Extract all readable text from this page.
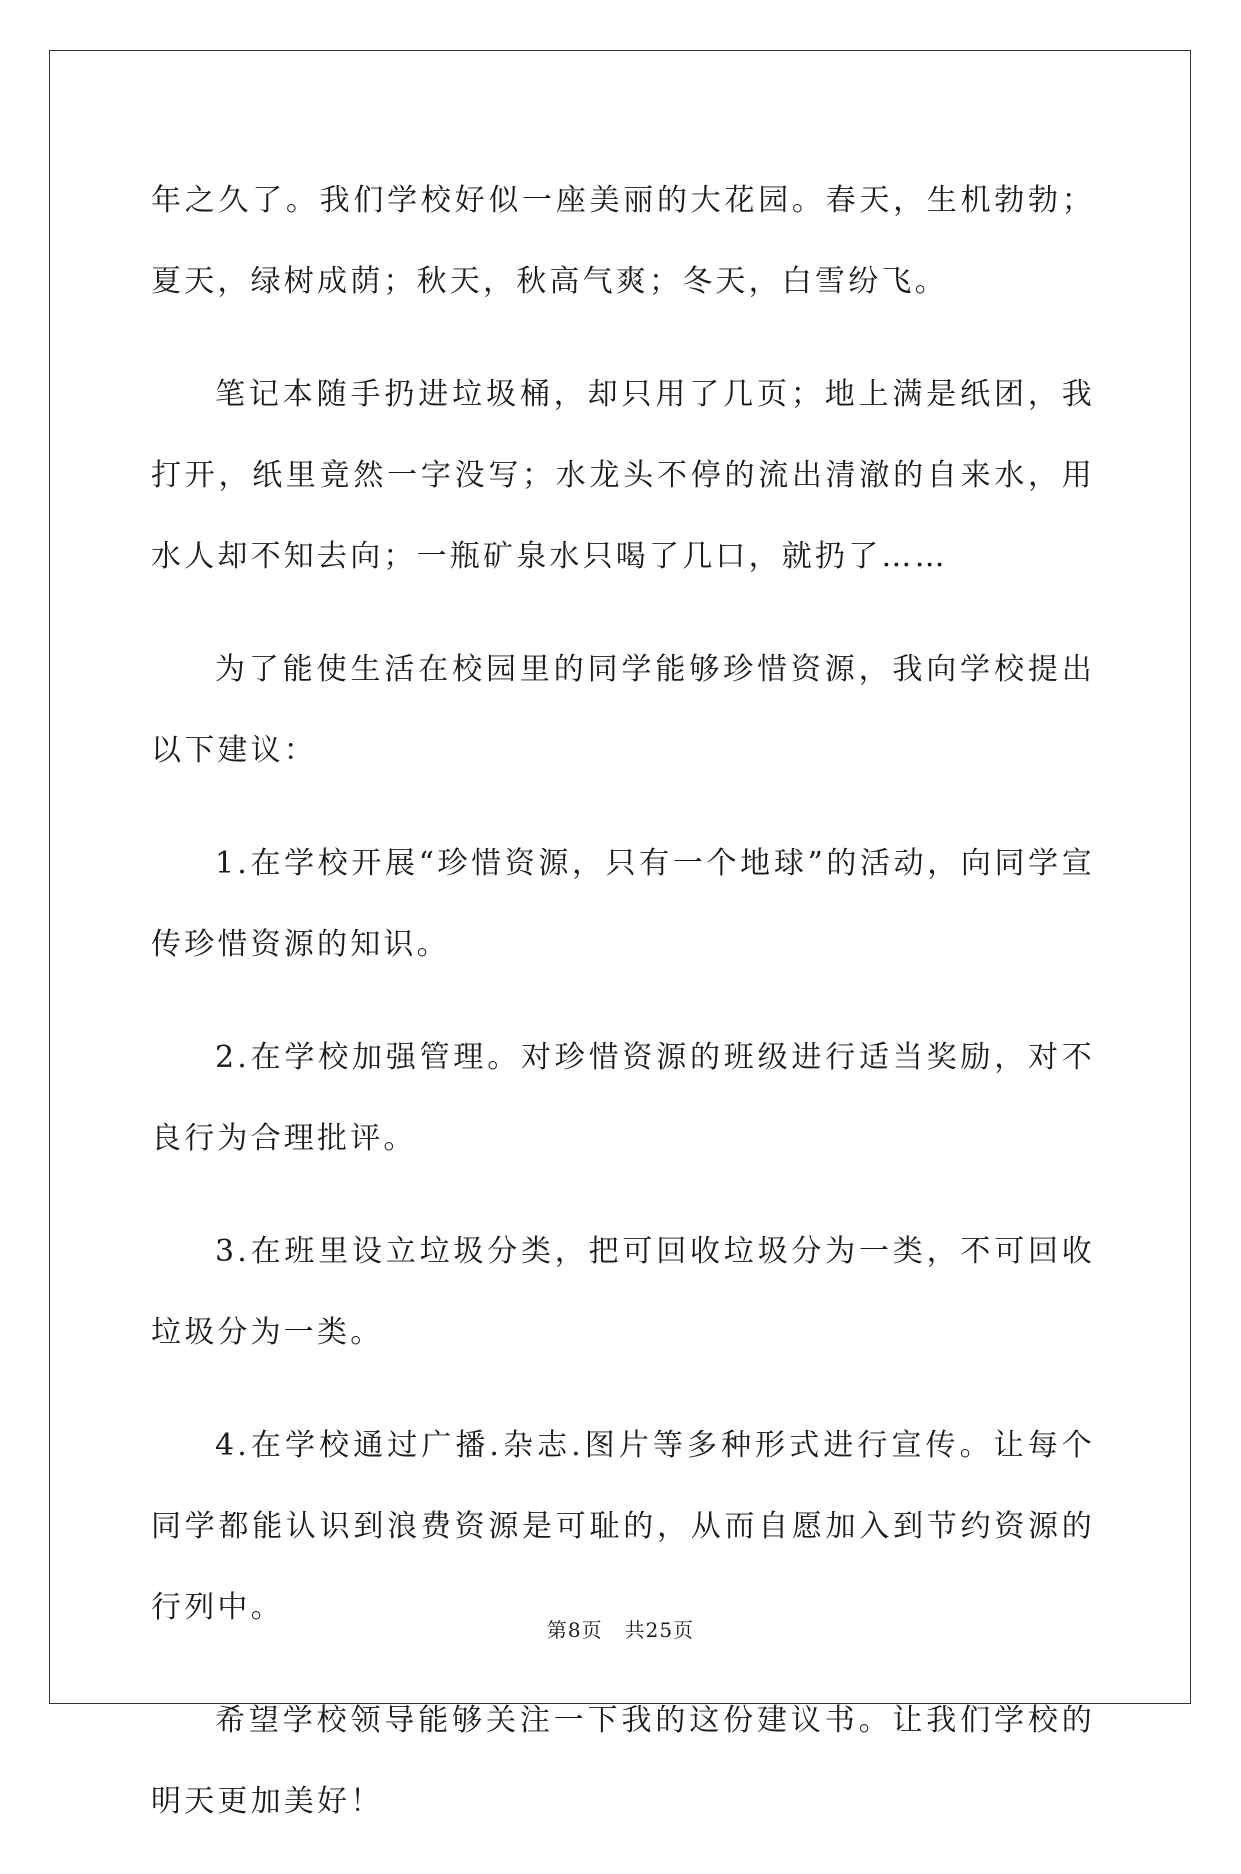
年之久了。我们学校好似一座美丽的大花园。春天，生机勃勃；夏天，绿树成荫；秋天，秋高气爽；冬天，白雪纷飞。

笔记本随手扔进垃圾桶，却只用了几页；地上满是纸团，我打开，纸里竟然一字没写；水龙头不停的流出清澈的自来水，用水人却不知去向；一瓶矿泉水只喝了几口，就扔了……

为了能使生活在校园里的同学能够珍惜资源，我向学校提出以下建议：

1.在学校开展“珍惜资源，只有一个地球”的活动，向同学宣传珍惜资源的知识。

2.在学校加强管理。对珍惜资源的班级进行适当奖励，对不良行为合理批评。

3.在班里设立垃圾分类，把可回收垃圾分为一类，不可回收垃圾分为一类。

4.在学校通过广播.杂志.图片等多种形式进行宣传。让每个同学都能认识到浪费资源是可耻的，从而自愿加入到节约资源的行列中。

希望学校领导能够关注一下我的这份建议书。让我们学校的明天更加美好！

第8页 共25页
